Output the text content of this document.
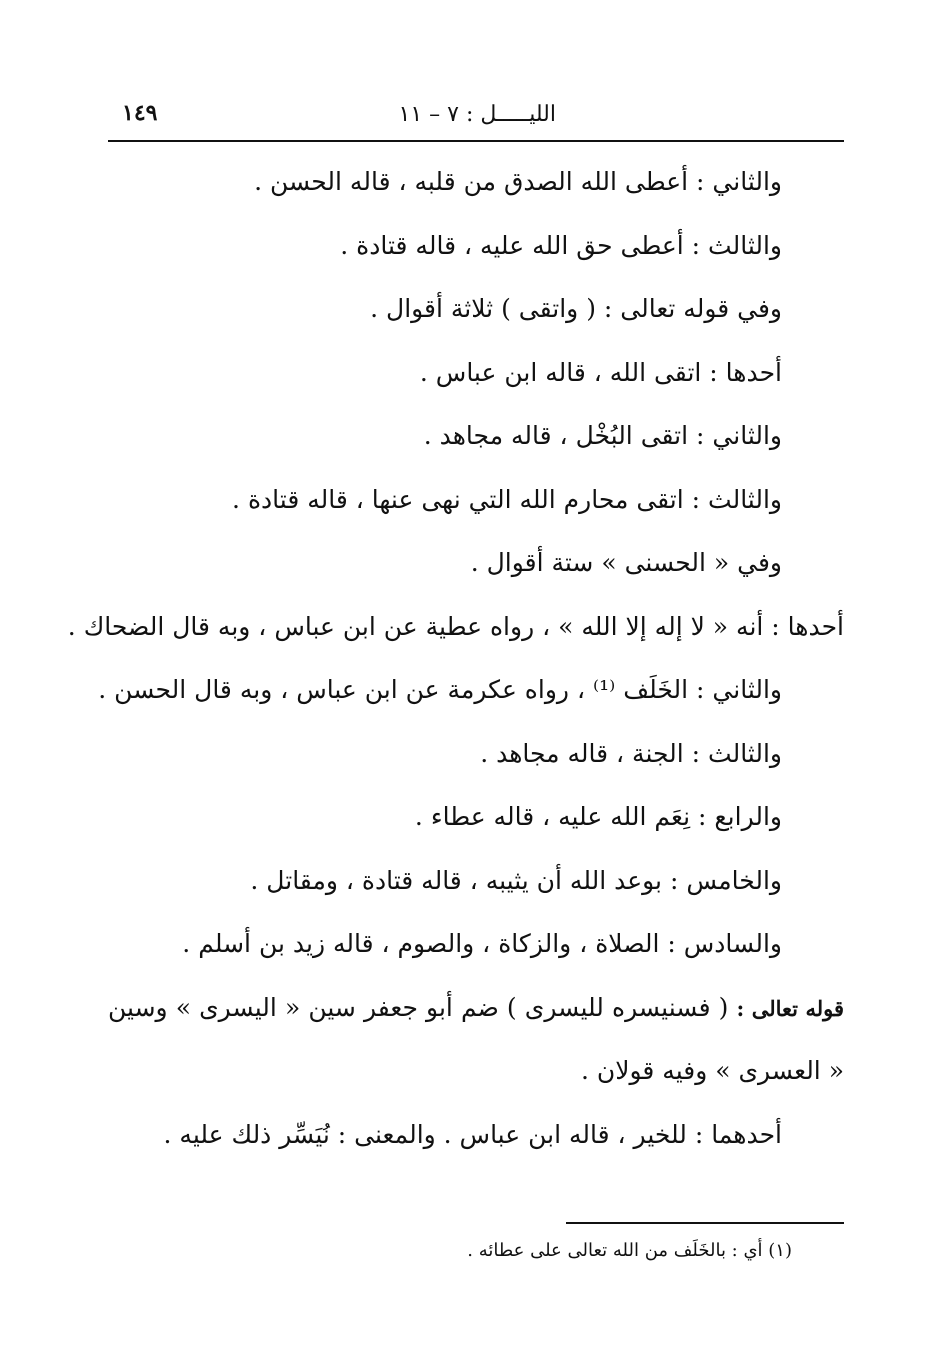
الليـــــل : ٧ – ١١
١٤٩
والثاني : أعطى الله الصدق من قلبه ، قاله الحسن .
والثالث : أعطى حق الله عليه ، قاله قتادة .
وفي قوله تعالى : ( واتقى ) ثلاثة أقوال .
أحدها : اتقى الله ، قاله ابن عباس .
والثاني : اتقى البُخْل ، قاله مجاهد .
والثالث : اتقى محارم الله التي نهى عنها ، قاله قتادة .
وفي « الحسنى » ستة أقوال .
أحدها : أنه « لا إله إلا الله » ، رواه عطية عن ابن عباس ، وبه قال الضحاك .
والثاني : الخَلَف ⁽¹⁾ ، رواه عكرمة عن ابن عباس ، وبه قال الحسن .
والثالث : الجنة ، قاله مجاهد .
والرابع : نِعَم الله عليه ، قاله عطاء .
والخامس : بوعد الله أن يثيبه ، قاله قتادة ، ومقاتل .
والسادس : الصلاة ، والزكاة ، والصوم ، قاله زيد بن أسلم .
قوله تعالى : ( فسنيسره لليسرى ) ضم أبو جعفر سين « اليسرى » وسين
« العسرى » وفيه قولان .
أحدهما : للخير ، قاله ابن عباس . والمعنى : نُيَسِّر ذلك عليه .
(١) أي : بالخَلَف من الله تعالى على عطائه .
